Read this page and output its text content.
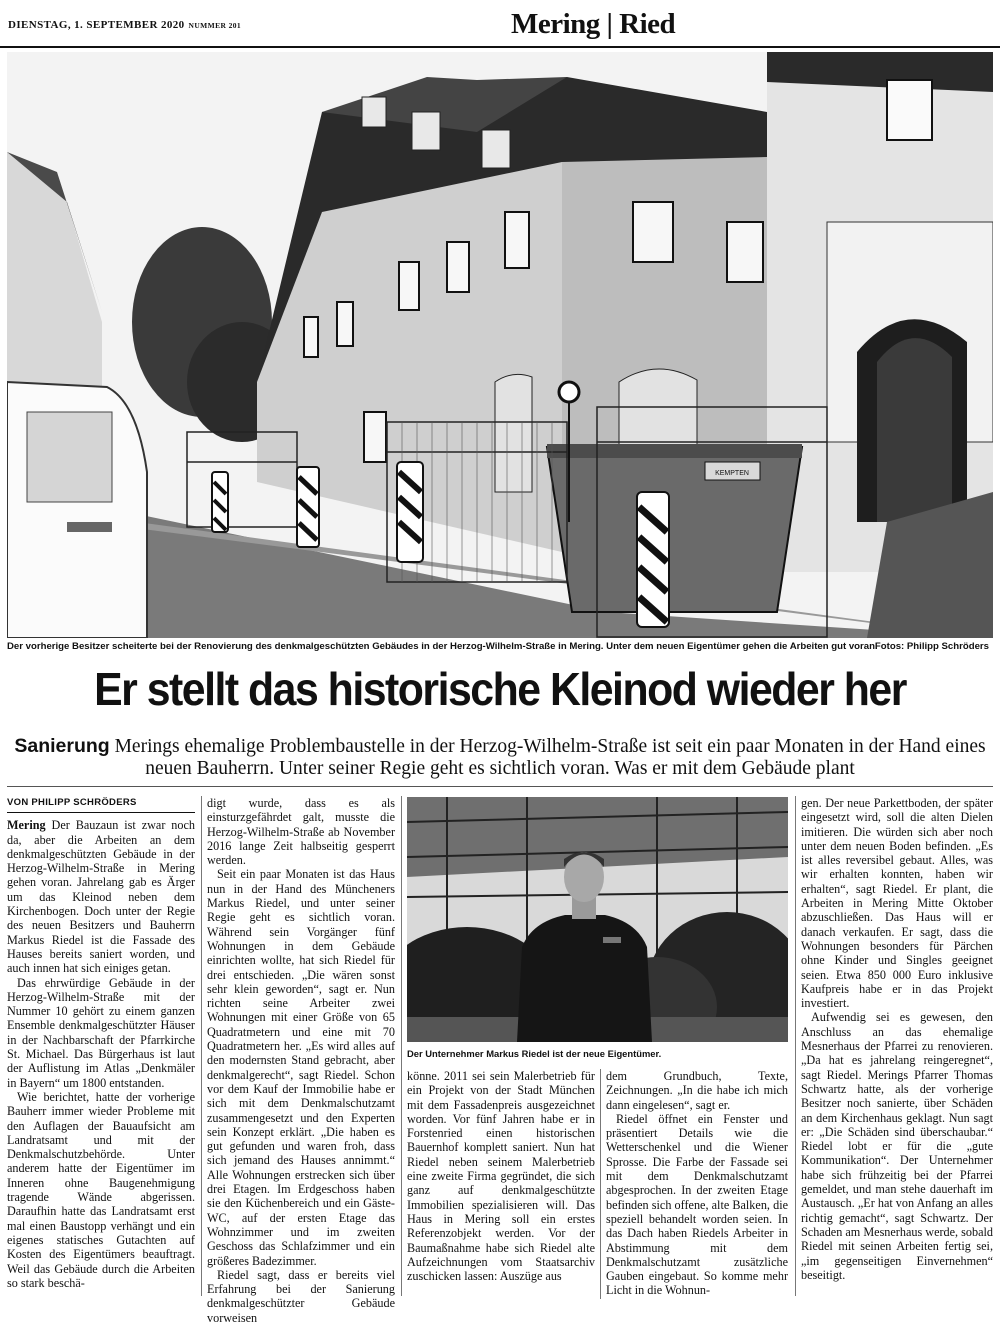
DIENSTAG, 1. SEPTEMBER 2020 NUMMER 201	Mering | Ried
KEMPTEN
Der vorherige Besitzer scheiterte bei der Renovierung des denkmalgeschützten Gebäudes in der Herzog-Wilhelm-Straße in Mering. Unter dem neuen Eigentümer gehen die Arbeiten gut voran.
Fotos: Philipp Schröders
Er stellt das historische Kleinod wieder her
Sanierung Merings ehemalige Problembaustelle in der Herzog-Wilhelm-Straße ist seit ein paar Monaten in der Hand eines neuen Bauherrn. Unter seiner Regie geht es sichtlich voran. Was er mit dem Gebäude plant
VON PHILIPP SCHRÖDERS

Mering Der Bauzaun ist zwar noch da, aber die Arbeiten an dem denkmalgeschützten Gebäude in der Herzog-Wilhelm-Straße in Mering gehen voran. Jahrelang gab es Ärger um das Kleinod neben dem Kirchenbogen. Doch unter der Regie des neuen Besitzers und Bauherrn Markus Riedel ist die Fassade des Hauses bereits saniert worden, und auch innen hat sich einiges getan.

Das ehrwürdige Gebäude in der Herzog-Wilhelm-Straße mit der Nummer 10 gehört zu einem ganzen Ensemble denkmalgeschützter Häuser in der Nachbarschaft der Pfarrkirche St. Michael. Das Bürgerhaus ist laut der Auflistung im Atlas „Denkmäler in Bayern“ um 1800 entstanden.

Wie berichtet, hatte der vorherige Bauherr immer wieder Probleme mit den Auflagen der Bauaufsicht am Landratsamt und mit der Denkmalschutzbehörde. Unter anderem hatte der Eigentümer im Inneren ohne Baugenehmigung tragende Wände abgerissen. Daraufhin hatte das Landratsamt erst mal einen Baustopp verhängt und ein eigenes statisches Gutachten auf Kosten des Eigentümers beauftragt. Weil das Gebäude durch die Arbeiten so stark beschä-

digt wurde, dass es als einsturzgefährdet galt, musste die Herzog-Wilhelm-Straße ab November 2016 lange Zeit halbseitig gesperrt werden.

Seit ein paar Monaten ist das Haus nun in der Hand des Müncheners Markus Riedel, und unter seiner Regie geht es sichtlich voran. Während sein Vorgänger fünf Wohnungen in dem Gebäude einrichten wollte, hat sich Riedel für drei entschieden. „Die wären sonst sehr klein geworden“, sagt er. Nun richten seine Arbeiter zwei Wohnungen mit einer Größe von 65 Quadratmetern und eine mit 70 Quadratmetern her. „Es wird alles auf den modernsten Stand gebracht, aber denkmalgerecht“, sagt Riedel. Schon vor dem Kauf der Immobilie habe er sich mit dem Denkmalschutzamt zusammengesetzt und den Experten sein Konzept erklärt. „Die haben es gut gefunden und waren froh, dass sich jemand des Hauses annimmt.“ Alle Wohnungen erstrecken sich über drei Etagen. Im Erdgeschoss haben sie den Küchenbereich und ein Gäste-WC, auf der ersten Etage das Wohnzimmer und im zweiten Geschoss das Schlafzimmer und ein größeres Badezimmer.

Riedel sagt, dass er bereits viel Erfahrung bei der Sanierung denkmalgeschützter Gebäude vorweisen

Der Unternehmer Markus Riedel ist der neue Eigentümer.

könne. 2011 sei sein Malerbetrieb für ein Projekt von der Stadt München mit dem Fassadenpreis ausgezeichnet worden. Vor fünf Jahren habe er in Forstenried einen historischen Bauernhof komplett saniert. Nun hat Riedel neben seinem Malerbetrieb eine zweite Firma gegründet, die sich ganz auf denkmalgeschützte Immobilien spezialisieren will. Das Haus in Mering soll ein erstes Referenzobjekt werden. Vor der Baumaßnahme habe sich Riedel alte Aufzeichnungen vom Staatsarchiv zuschicken lassen: Auszüge aus

dem Grundbuch, Texte, Zeichnungen. „In die habe ich mich dann eingelesen“, sagt er.

Riedel öffnet ein Fenster und präsentiert Details wie die Wetterschenkel und die Wiener Sprosse. Die Farbe der Fassade sei mit dem Denkmalschutzamt abgesprochen. In der zweiten Etage befinden sich offene, alte Balken, die speziell behandelt worden seien. In das Dach haben Riedels Arbeiter in Abstimmung mit dem Denkmalschutzamt zusätzliche Gauben eingebaut. So komme mehr Licht in die Wohnun-

gen. Der neue Parkettboden, der später eingesetzt wird, soll die alten Dielen imitieren. Die würden sich aber noch unter dem neuen Boden befinden. „Es ist alles reversibel gebaut. Alles, was wir erhalten konnten, haben wir erhalten“, sagt Riedel. Er plant, die Arbeiten in Mering Mitte Oktober abzuschließen. Das Haus will er danach verkaufen. Er sagt, dass die Wohnungen besonders für Pärchen ohne Kinder und Singles geeignet seien. Etwa 850 000 Euro inklusive Kaufpreis habe er in das Projekt investiert.

Aufwendig sei es gewesen, den Anschluss an das ehemalige Mesnerhaus der Pfarrei zu renovieren. „Da hat es jahrelang reingeregnet“, sagt Riedel. Merings Pfarrer Thomas Schwartz hatte, als der vorherige Besitzer noch sanierte, über Schäden an dem Kirchenhaus geklagt. Nun sagt er: „Die Schäden sind überschaubar.“ Riedel lobt er für die „gute Kommunikation“. Der Unternehmer habe sich frühzeitig bei der Pfarrei gemeldet, und man stehe dauerhaft im Austausch. „Er hat von Anfang an alles richtig gemacht“, sagt Schwartz. Der Schaden am Mesnerhaus werde, sobald Riedel mit seinen Arbeiten fertig sei, „im gegenseitigen Einvernehmen“ beseitigt.
